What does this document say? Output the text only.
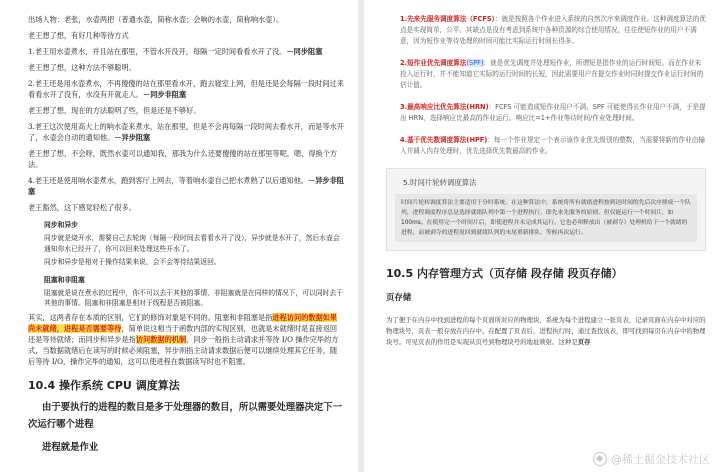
出场人物：老张，水壶两把（普通水壶，简称水壶；会响的水壶，简称响水壶）。

老王想了想，有好几种等待方式

1.老王用水壶煮水，并且站在那里，不管水开没开，每隔一定时间看看水开了没。－同步阻塞

老王想了想，这种方法不够聪明。

2.老王还是用水壶煮水，不再傻傻的站在那里看水开，跑去寝室上网，但是还是会每隔一段时间过来看看水开了没有，水没有开就走人。－同步非阻塞

老王想了想，现在的方法聪明了些，但是还是不够好。

3.老王这次使用高大上的响水壶来煮水，站在那里，但是不会再每隔一段时间去看水开，而是等水开了，水壶会自动的通知他。－异步阻塞

老王想了想，不会呀，既然水壶可以通知我，那我为什么还要傻傻的站在那里等呢，嗯，得换个方法。

4.老王还是使用响水壶煮水，跑到客厅上网去，等着响水壶自己把水煮熟了以后通知他。－异步非阻塞

老王豁然，这下感觉轻松了很多。

同步和异步

同步就是烧开水，需要自己去轮询（每隔一段时间去看看水开了没），异步就是水开了，然后水壶会通知你水已经开了，你可以回来处理这些开水了。

同步和异步是相对于操作结果来说，会不会等待结果返回。

阻塞和非阻塞

阻塞就是说在煮水的过程中，你不可以去干其他的事情，非阻塞就是在同样的情况下，可以同时去干其他的事情。阻塞和非阻塞是相对于线程是否被阻塞。

其实，这两者存在本质的区别，它们的修饰对象是不同的。阻塞和非阻塞是指进程访问的数据如果尚未就绪，进程是否需要等待，简单说这相当于函数内部的实现区别，也就是未就绪时是直接返回还是等待就绪；而同步和异步是指访问数据的机制，同步一般指主动请求并等待 I/O 操作完毕的方式，当数据就绪后在读写的时候必须阻塞，异步则指主动请求数据后便可以继续处理其它任务，随后等待 I/O，操作完毕的通知，这可以使进程在数据读写时也不阻塞。

10.4 操作系统 CPU 调度算法

由于要执行的进程的数目是多于处理器的数目，所以需要处理器决定下一次运行哪个进程

进程就是作业
1.先来先服务调度算法（FCFS）：就是按照各个作业进入系统的自然次序来调度作业。这种调度算法的优点是实现简单，公平。其缺点是没有考虑到系统中各种资源的综合使用情况，往往使短作业的用户不满意，因为短作业等待处理的时间可能比实际运行时间长得多。
2.短作业优先调度算法(SPF)：就是优先调度并处理短作业，所谓短是指作业的运行时间短。而在作业未投入运行时，并不能知道它实际的运行时间的长短，因此需要用户在提交作业时同时提交作业运行时间的估计值。
3.最高响应比优先算法(HRN)：FCFS 可能造成短作业用户不满，SPF 可能使得长作业用户不满，于是提出 HRN，选择响应比最高的作业运行。响应比=1+作业等待时间/作业处理时间。
4.基于优先数调度算法(HPF)：每一个作业规定一个表示该作业优先级别的整数，当需要将新的作业由输入井调入内存处理时，优先选择优先数最高的作业。
5.时间片轮转调度算法
时间片轮转调度算法主要适用于分时系统。在这种算法中，系统将所有就绪进程按到达时间的先后次序排成一个队列，进程调度程序总是选择就绪队列中第一个进程执行，即先来先服务的原则，但仅能运行一个时间片，如 100ms。在使用完一个时间片后，即使进程并未完成其运行，它也必须释放出（被剥夺）处理机给下一个就绪的进程，而被剥夺的进程返回到就绪队列的末尾重新排队，等候再次运行。
10.5 内存管理方式（页存储 段存储 段页存储）
页存储

为了便于在内存中找到进程的每个页面所对应的物理块，系统为每个进程建立一张页表，记录页面在内存中对应的物理块号，页表一般存放在内存中。在配置了页表后，进程执行时，通过查找该表，即可找到每页在内存中的物理块号。可见页表的作用是实现从页号到物理块号的地址映射。这种是页存

@稀土掘金技术社区
